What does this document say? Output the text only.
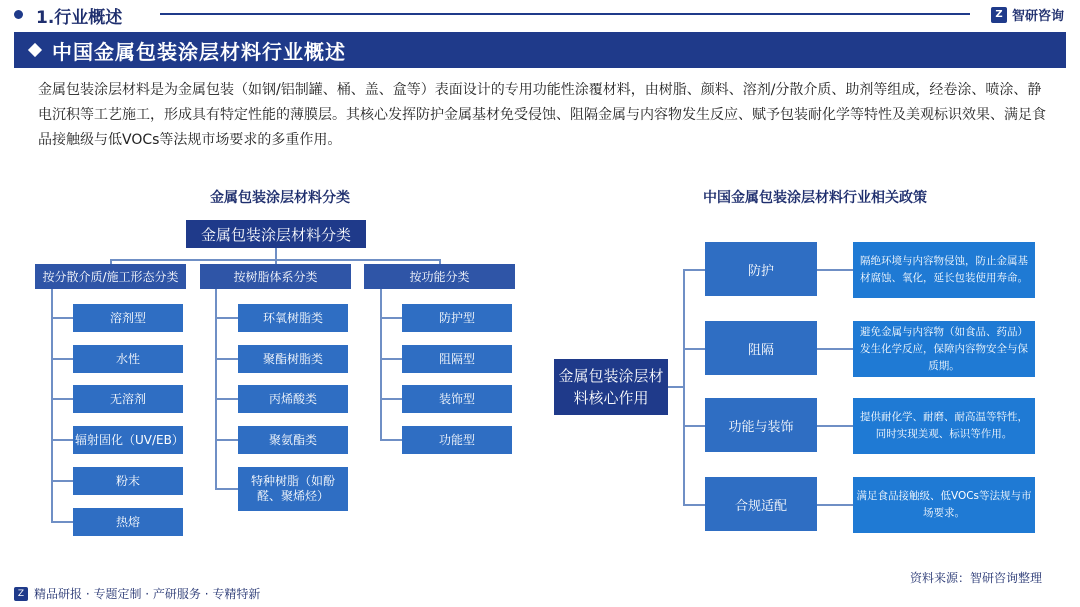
1.行业概述	Z 智研咨询
中国金属包装涂层材料行业概述
金属包装涂层材料是为金属包装（如钢/铝制罐、桶、盖、盒等）表面设计的专用功能性涂覆材料，由树脂、颜料、溶剂/分散介质、助剂等组成，经卷涂、喷涂、静电沉积等工艺施工，形成具有特定性能的薄膜层。其核心发挥防护金属基材免受侵蚀、阻隔金属与内容物发生反应、赋予包装耐化学等特性及美观标识效果、满足食品接触级与低VOCs等法规市场要求的多重作用。
金属包装涂层材料分类
金属包装涂层材料分类
按分散介质/施工形态分类	按树脂体系分类	按功能分类
溶剂型
水性
无溶剂
辐射固化（UV/EB）
粉末
热熔
环氧树脂类
聚酯树脂类
丙烯酸类
聚氨酯类
特种树脂（如酚醛、聚烯烃）
防护型
阻隔型
装饰型
功能型
中国金属包装涂层材料行业相关政策
金属包装涂层材料核心作用
防护
阻隔
功能与装饰
合规适配
隔绝环境与内容物侵蚀，防止金属基材腐蚀、氧化，延长包装使用寿命。
避免金属与内容物（如食品、药品）发生化学反应，保障内容物安全与保质期。
提供耐化学、耐磨、耐高温等特性，同时实现美观、标识等作用。
满足食品接触级、低VOCs等法规与市场要求。
资料来源：智研咨询整理
Z 精品研报 · 专题定制 · 产研服务 · 专精特新
